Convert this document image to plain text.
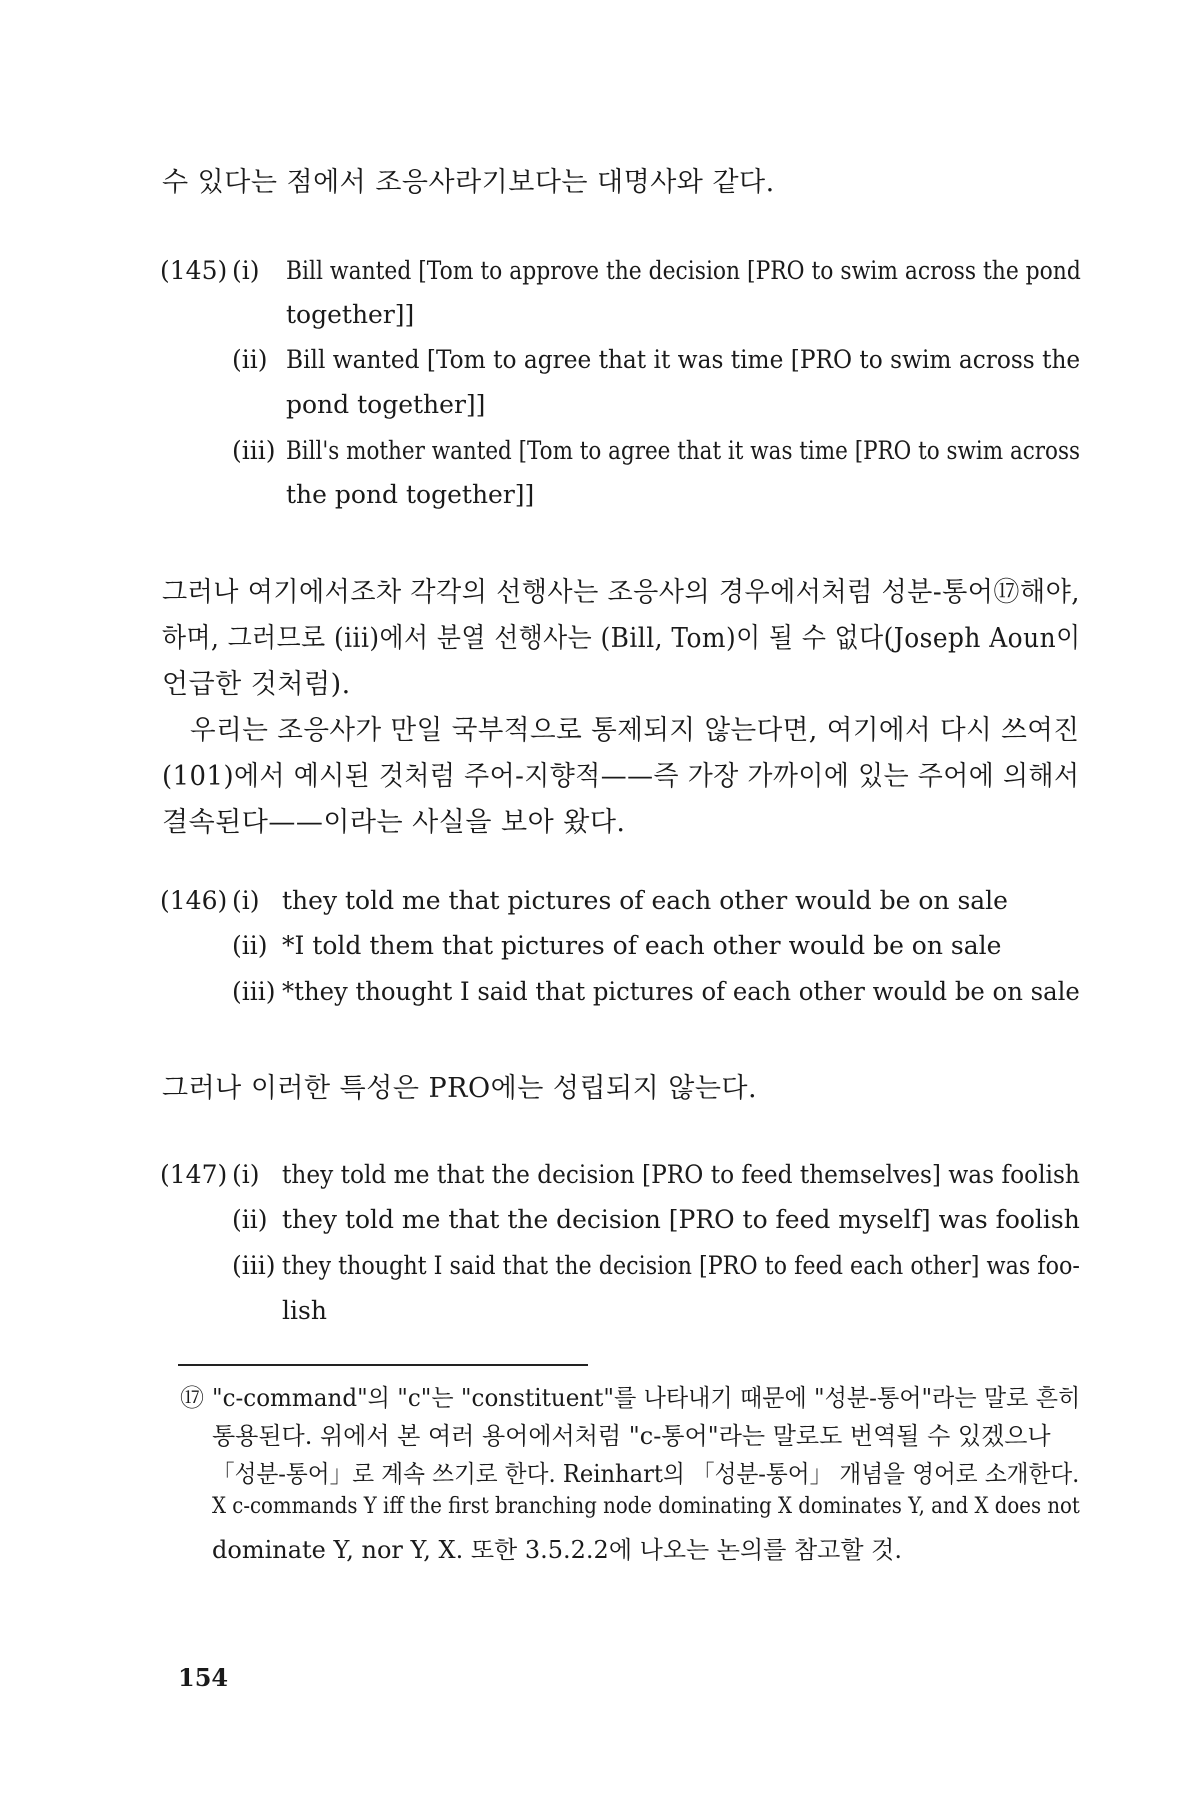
수 있다는 점에서 조응사라기보다는 대명사와 같다.
(145) (i) Bill wanted [Tom to approve the decision [PRO to swim across the pond
together]]
(ii) Bill wanted [Tom to agree that it was time [PRO to swim across the
pond together]]
(iii) Bill's mother wanted [Tom to agree that it was time [PRO to swim across
the pond together]]
그러나 여기에서조차 각각의 선행사는 조응사의 경우에서처럼 성분-통어⑰해야,
하며, 그러므로 (iii)에서 분열 선행사는 (Bill, Tom)이 될 수 없다(Joseph Aoun이
언급한 것처럼).
우리는 조응사가 만일 국부적으로 통제되지 않는다면, 여기에서 다시 쓰여진
(101)에서 예시된 것처럼 주어-지향적——즉 가장 가까이에 있는 주어에 의해서
결속된다——이라는 사실을 보아 왔다.
(146) (i) they told me that pictures of each other would be on sale
(ii) *I told them that pictures of each other would be on sale
(iii) *they thought I said that pictures of each other would be on sale
그러나 이러한 특성은 PRO에는 성립되지 않는다.
(147) (i) they told me that the decision [PRO to feed themselves] was foolish
(ii) they told me that the decision [PRO to feed myself] was foolish
(iii) they thought I said that the decision [PRO to feed each other] was foo-
lish
⑰ "c-command"의 "c"는 "constituent"를 나타내기 때문에 "성분-통어"라는 말로 흔히
통용된다. 위에서 본 여러 용어에서처럼 "c-통어"라는 말로도 번역될 수 있겠으나
「성분-통어」로 계속 쓰기로 한다. Reinhart의 「성분-통어」 개념을 영어로 소개한다.
X c-commands Y iff the first branching node dominating X dominates Y, and X does not
dominate Y, nor Y, X. 또한 3.5.2.2에 나오는 논의를 참고할 것.
154
